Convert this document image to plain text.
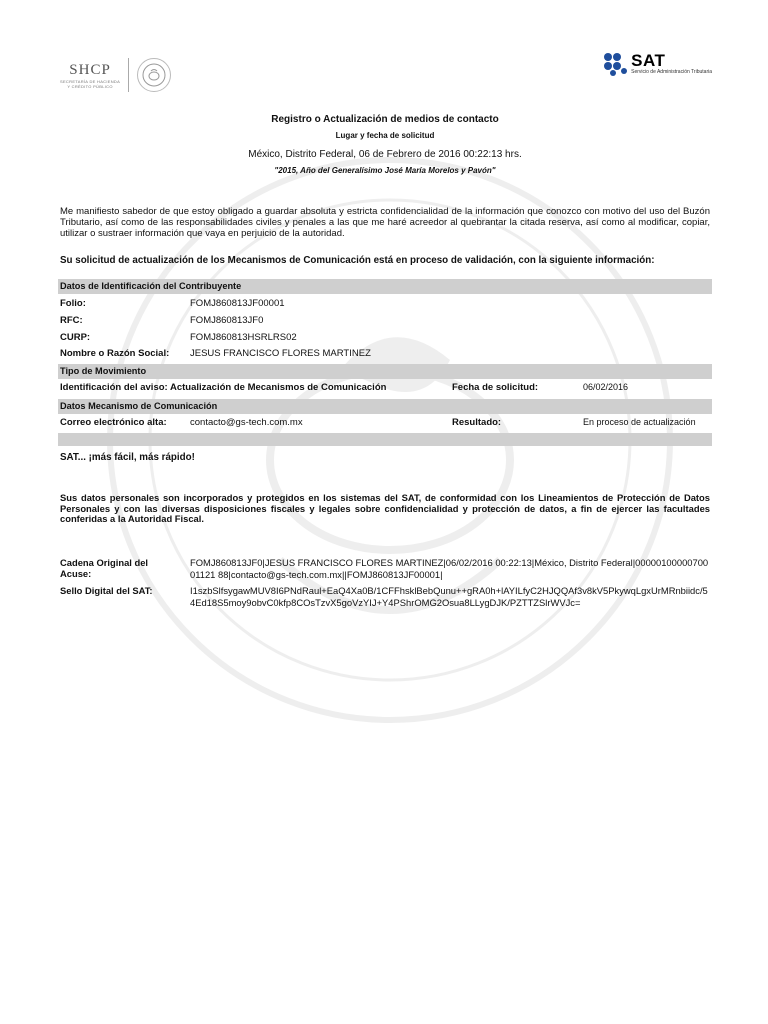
SHCP
SECRETARÍA DE HACIENDA
Y CRÉDITO PÚBLICO
SAT
Servicio de Administración Tributaria
Registro o Actualización de medios de contacto
Lugar y fecha de solicitud
México, Distrito Federal, 06 de Febrero de 2016 00:22:13 hrs.
"2015, Año del Generalísimo José María Morelos y Pavón"
Me manifiesto sabedor de que estoy obligado a guardar absoluta y estricta confidencialidad de la información que conozco con motivo del uso del Buzón Tributario, así como de las responsabilidades civiles y penales a las que me haré acreedor al quebrantar la citada reserva, así como al modificar, copiar, utilizar o sustraer información que vaya en perjuicio de la autoridad.
Su solicitud de actualización de los Mecanismos de Comunicación está en proceso de validación, con la siguiente información:
Datos de Identificación del Contribuyente
Folio:	FOMJ860813JF00001
RFC:	FOMJ860813JF0
CURP:	FOMJ860813HSRLRS02
Nombre o Razón Social: JESUS FRANCISCO FLORES MARTINEZ
Tipo de Movimiento
Identificación del aviso: Actualización de Mecanismos de Comunicación	Fecha de solicitud:	06/02/2016
Datos Mecanismo de Comunicación
Correo electrónico alta: contacto@gs-tech.com.mx	Resultado:	En proceso de actualización
SAT... ¡más fácil, más rápido!
Sus datos personales son incorporados y protegidos en los sistemas del SAT, de conformidad con los Lineamientos de Protección de Datos Personales y con las diversas disposiciones fiscales y legales sobre confidencialidad y protección de datos, a fin de ejercer las facultades conferidas a la Autoridad Fiscal.
Cadena Original del Acuse:
FOMJ860813JF0|JESUS FRANCISCO FLORES MARTINEZ|06/02/2016 00:22:13|México, Distrito Federal|0000010000070001121 88|contacto@gs-tech.com.mx||FOMJ860813JF00001|
Sello Digital del SAT:	I1szbSlfsygawMUV8I6PNdRaul+EaQ4Xa0B/1CFFhsklBebQunu++gRA0h+lAYILfyC2HJQQAf3v8kV5PkywqLgxUrMRnbiidc/54Ed18S5moy9obvC0kfp8COsTzvX5goVzYIJ+Y4PShrOMG2Osua8LLygDJK/PZTTZSlrWVJc=
